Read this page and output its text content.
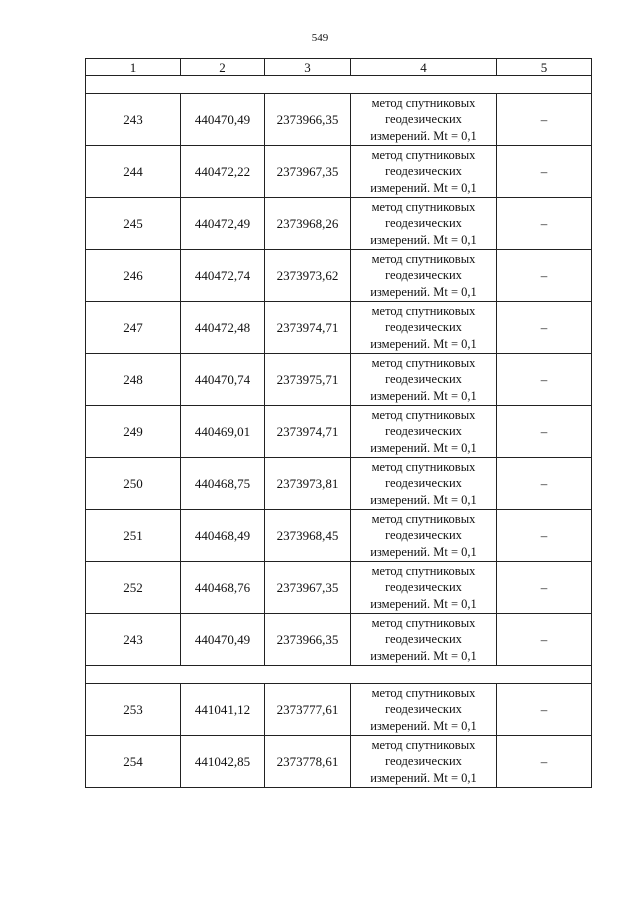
549
1	2	3	4	5

243	440470,49	2373966,35	метод спутниковых
геодезических
измерений. Mt = 0,1	–
244	440472,22	2373967,35	метод спутниковых
геодезических
измерений. Mt = 0,1	–
245	440472,49	2373968,26	метод спутниковых
геодезических
измерений. Mt = 0,1	–
246	440472,74	2373973,62	метод спутниковых
геодезических
измерений. Mt = 0,1	–
247	440472,48	2373974,71	метод спутниковых
геодезических
измерений. Mt = 0,1	–
248	440470,74	2373975,71	метод спутниковых
геодезических
измерений. Mt = 0,1	–
249	440469,01	2373974,71	метод спутниковых
геодезических
измерений. Mt = 0,1	–
250	440468,75	2373973,81	метод спутниковых
геодезических
измерений. Mt = 0,1	–
251	440468,49	2373968,45	метод спутниковых
геодезических
измерений. Mt = 0,1	–
252	440468,76	2373967,35	метод спутниковых
геодезических
измерений. Mt = 0,1	–
243	440470,49	2373966,35	метод спутниковых
геодезических
измерений. Mt = 0,1	–

253	441041,12	2373777,61	метод спутниковых
геодезических
измерений. Mt = 0,1	–
254	441042,85	2373778,61	метод спутниковых
геодезических
измерений. Mt = 0,1	–
